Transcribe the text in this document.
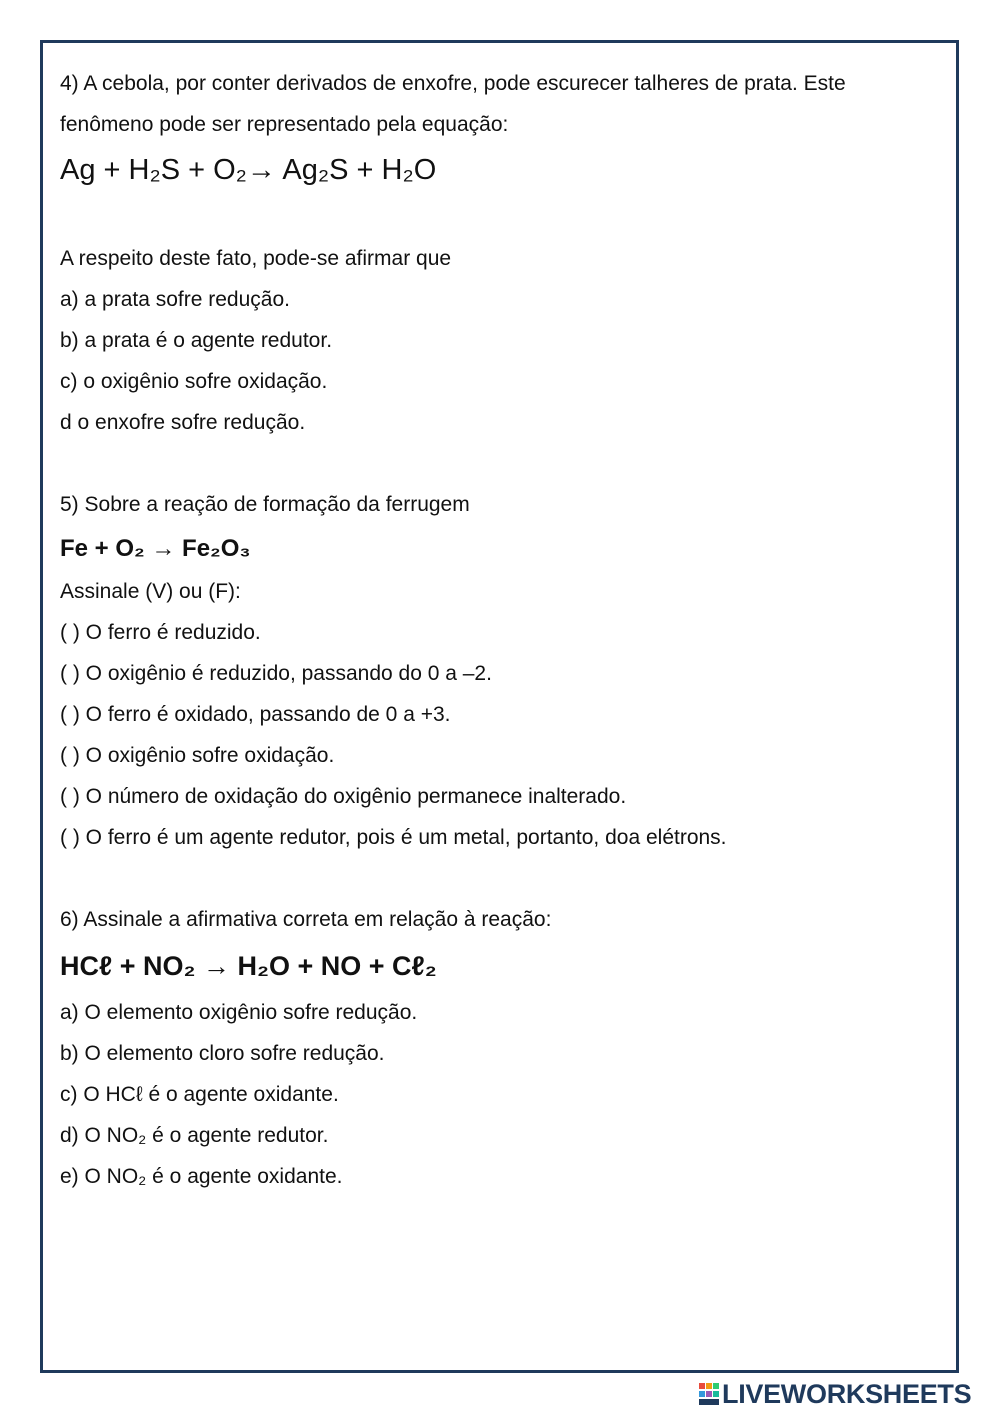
4) A cebola, por conter derivados de enxofre, pode escurecer talheres de prata. Este
fenômeno pode ser representado pela equação:
Ag + H₂S + O₂→ Ag₂S + H₂O
A respeito deste fato, pode-se afirmar que
a) a prata sofre redução.
b) a prata é o agente redutor.
c) o oxigênio sofre oxidação.
d o enxofre sofre redução.
5) Sobre a reação de formação da ferrugem
Fe + O₂ → Fe₂O₃
Assinale (V) ou (F):
( ) O ferro é reduzido.
( ) O oxigênio é reduzido, passando do 0 a –2.
( ) O ferro é oxidado, passando de 0 a +3.
( ) O oxigênio sofre oxidação.
( ) O número de oxidação do oxigênio permanece inalterado.
( ) O ferro é um agente redutor, pois é um metal, portanto, doa elétrons.
6) Assinale a afirmativa correta em relação à reação:
HCℓ + NO₂ → H₂O + NO + Cℓ₂
a) O elemento oxigênio sofre redução.
b) O elemento cloro sofre redução.
c) O HCℓ é o agente oxidante.
d) O NO₂ é o agente redutor.
e) O NO₂ é o agente oxidante.
LIVEWORKSHEETS
